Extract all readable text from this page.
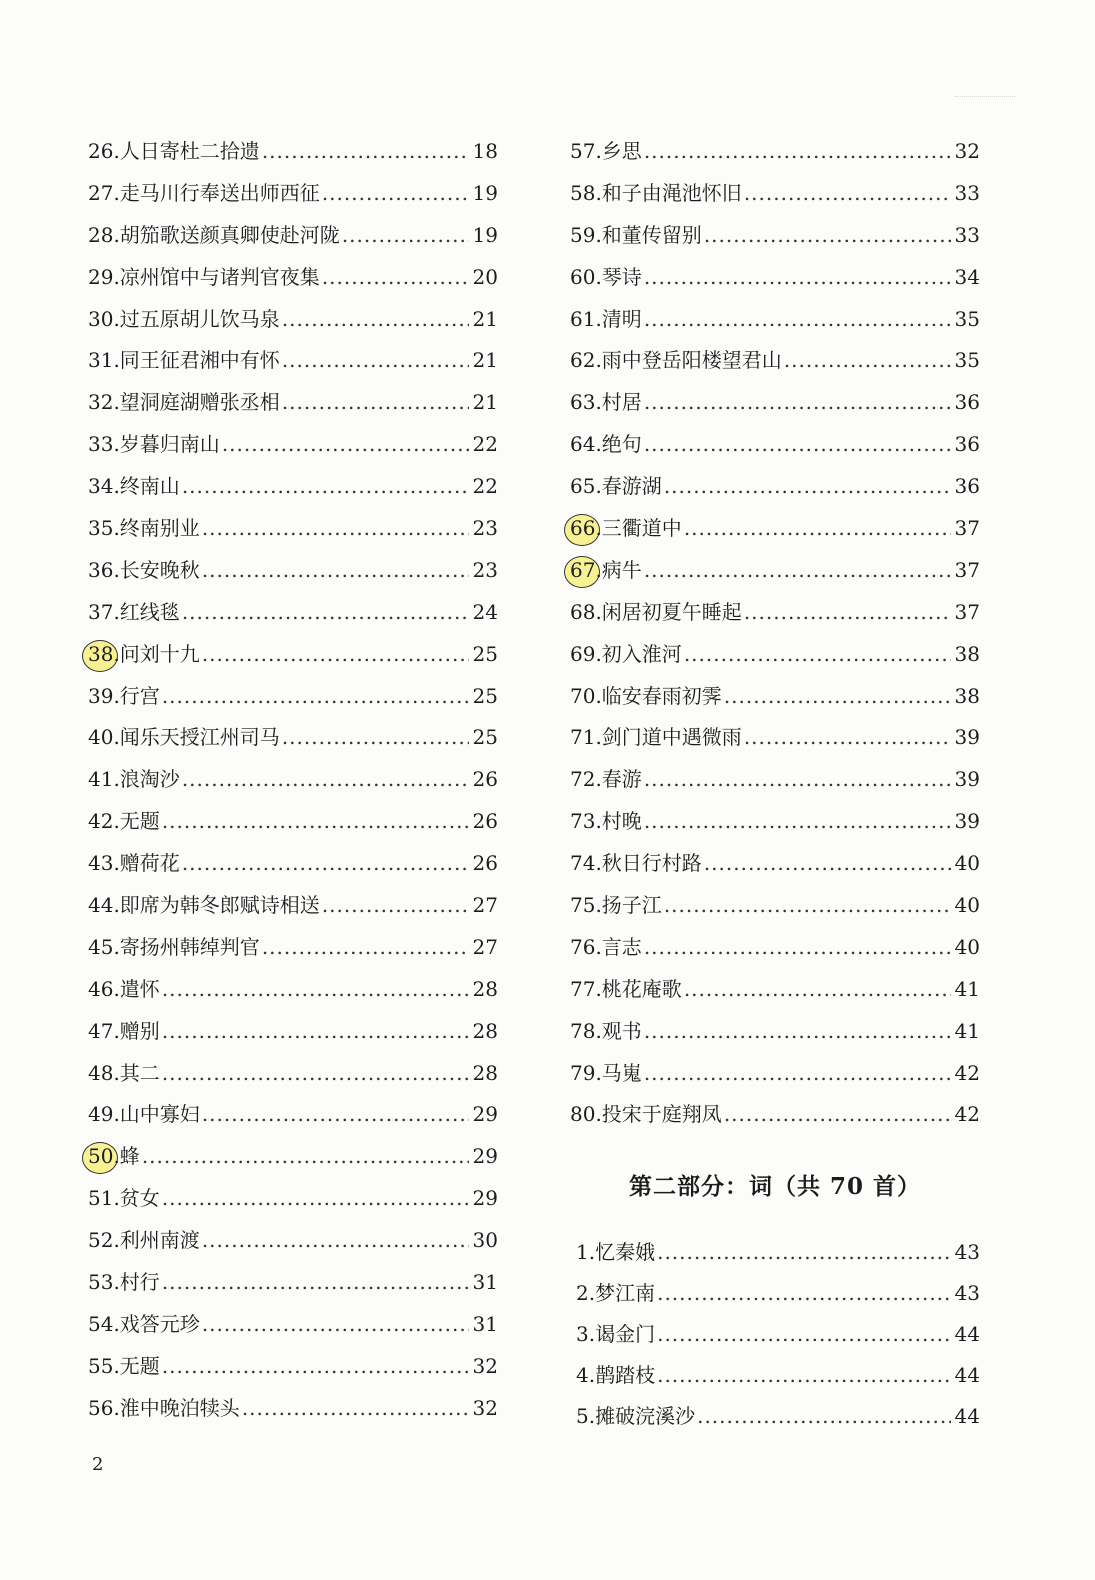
26.人日寄杜二拾遗 .....	18
27.走马川行奉送出师西征 .....	19
28.胡笳歌送颜真卿使赴河陇 .....	19
29.凉州馆中与诸判官夜集 .....	20
30.过五原胡儿饮马泉 .....	21
31.同王征君湘中有怀 .....	21
32.望洞庭湖赠张丞相 .....	21
33.岁暮归南山 .....	22
34.终南山 .....	22
35.终南别业 .....	23
36.长安晚秋 .....	23
37.红线毯 .....	24
38.问刘十九 .....	25
39.行宫 .....	25
40.闻乐天授江州司马 .....	25
41.浪淘沙 .....	26
42.无题 .....	26
43.赠荷花 .....	26
44.即席为韩冬郎赋诗相送 .....	27
45.寄扬州韩绰判官 .....	27
46.遣怀 .....	28
47.赠别 .....	28
48.其二 .....	28
49.山中寡妇 .....	29
50.蜂 .....	29
51.贫女 .....	29
52.利州南渡 .....	30
53.村行 .....	31
54.戏答元珍 .....	31
55.无题 .....	32
56.淮中晚泊犊头 .....	32
57.乡思 .....	32
58.和子由渑池怀旧 .....	33
59.和董传留别 .....	33
60.琴诗 .....	34
61.清明 .....	35
62.雨中登岳阳楼望君山 .....	35
63.村居 .....	36
64.绝句 .....	36
65.春游湖 .....	36
66.三衢道中 .....	37
67.病牛 .....	37
68.闲居初夏午睡起 .....	37
69.初入淮河 .....	38
70.临安春雨初霁 .....	38
71.剑门道中遇微雨 .....	39
72.春游 .....	39
73.村晚 .....	39
74.秋日行村路 .....	40
75.扬子江 .....	40
76.言志 .....	40
77.桃花庵歌 .....	41
78.观书 .....	41
79.马嵬 .....	42
80.投宋于庭翔凤 .....	42
第二部分：词（共 70 首）
1.忆秦娥 .....	43
2.梦江南 .....	43
3.谒金门 .....	44
4.鹊踏枝 .....	44
5.摊破浣溪沙 .....	44
2
